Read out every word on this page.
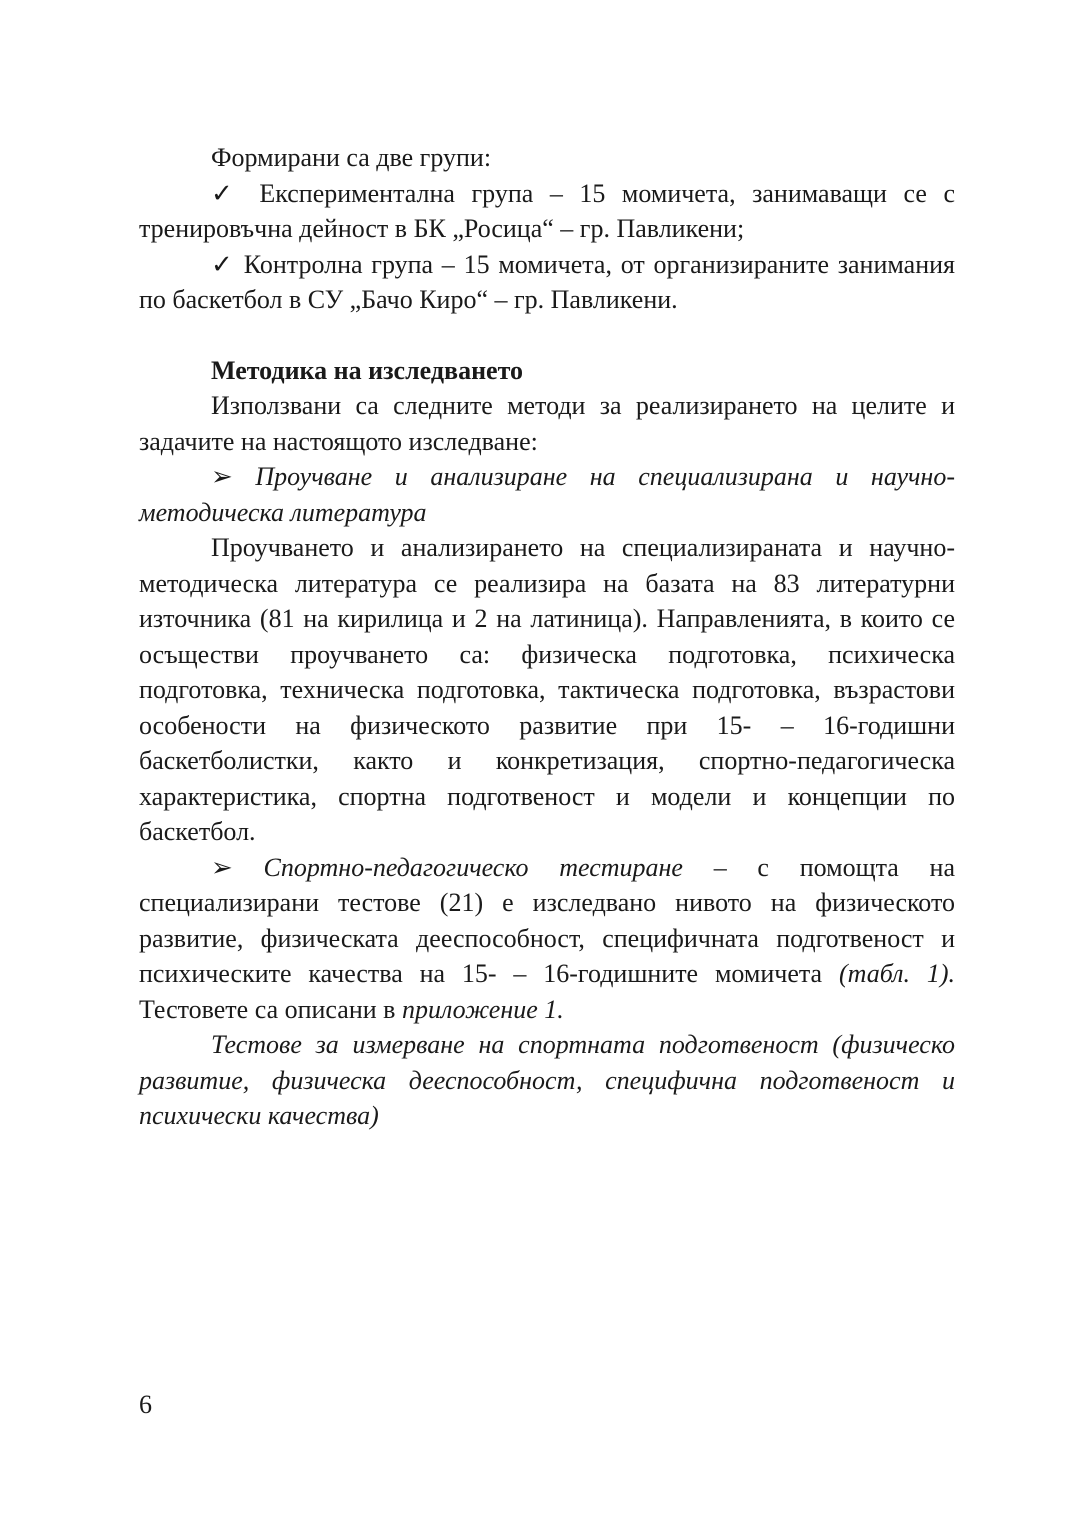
Формирани са две групи:

✓ Експериментална група – 15 момичета, занимаващи се с тренировъчна дейност в БК „Росица“ – гр. Павликени;

✓ Контролна група – 15 момичета, от организираните занимания по баскетбол в СУ „Бачо Киро“ – гр. Павликени.

Методика на изследването

Използвани са следните методи за реализирането на целите и задачите на настоящото изследване:

➢ Проучване и анализиране на специализирана и научно-методическа литература

Проучването и анализирането на специализираната и научно-методическа литература се реализира на базата на 83 литературни източника (81 на кирилица и 2 на латиница). Направленията, в които се осъществи проучването са: физическа подготовка, психическа подготовка, техническа подготовка, тактическа подготовка, възрастови особености на физическото развитие при 15- – 16-годишни баскетболистки, както и конкретизация, спортно-педагогическа характеристика, спортна подготвеност и модели и концепции по баскетбол.

➢ Спортно-педагогическо тестиране – с помощта на специализирани тестове (21) е изследвано нивото на физическото развитие, физическата дееспособност, специфичната подготвеност и психическите качества на 15- – 16-годишните момичета (табл. 1). Тестовете са описани в приложение 1.

Тестове за измерване на спортната подготвеност (физическо развитие, физическа дееспособност, специфична подготвеност и психически качества)

6
